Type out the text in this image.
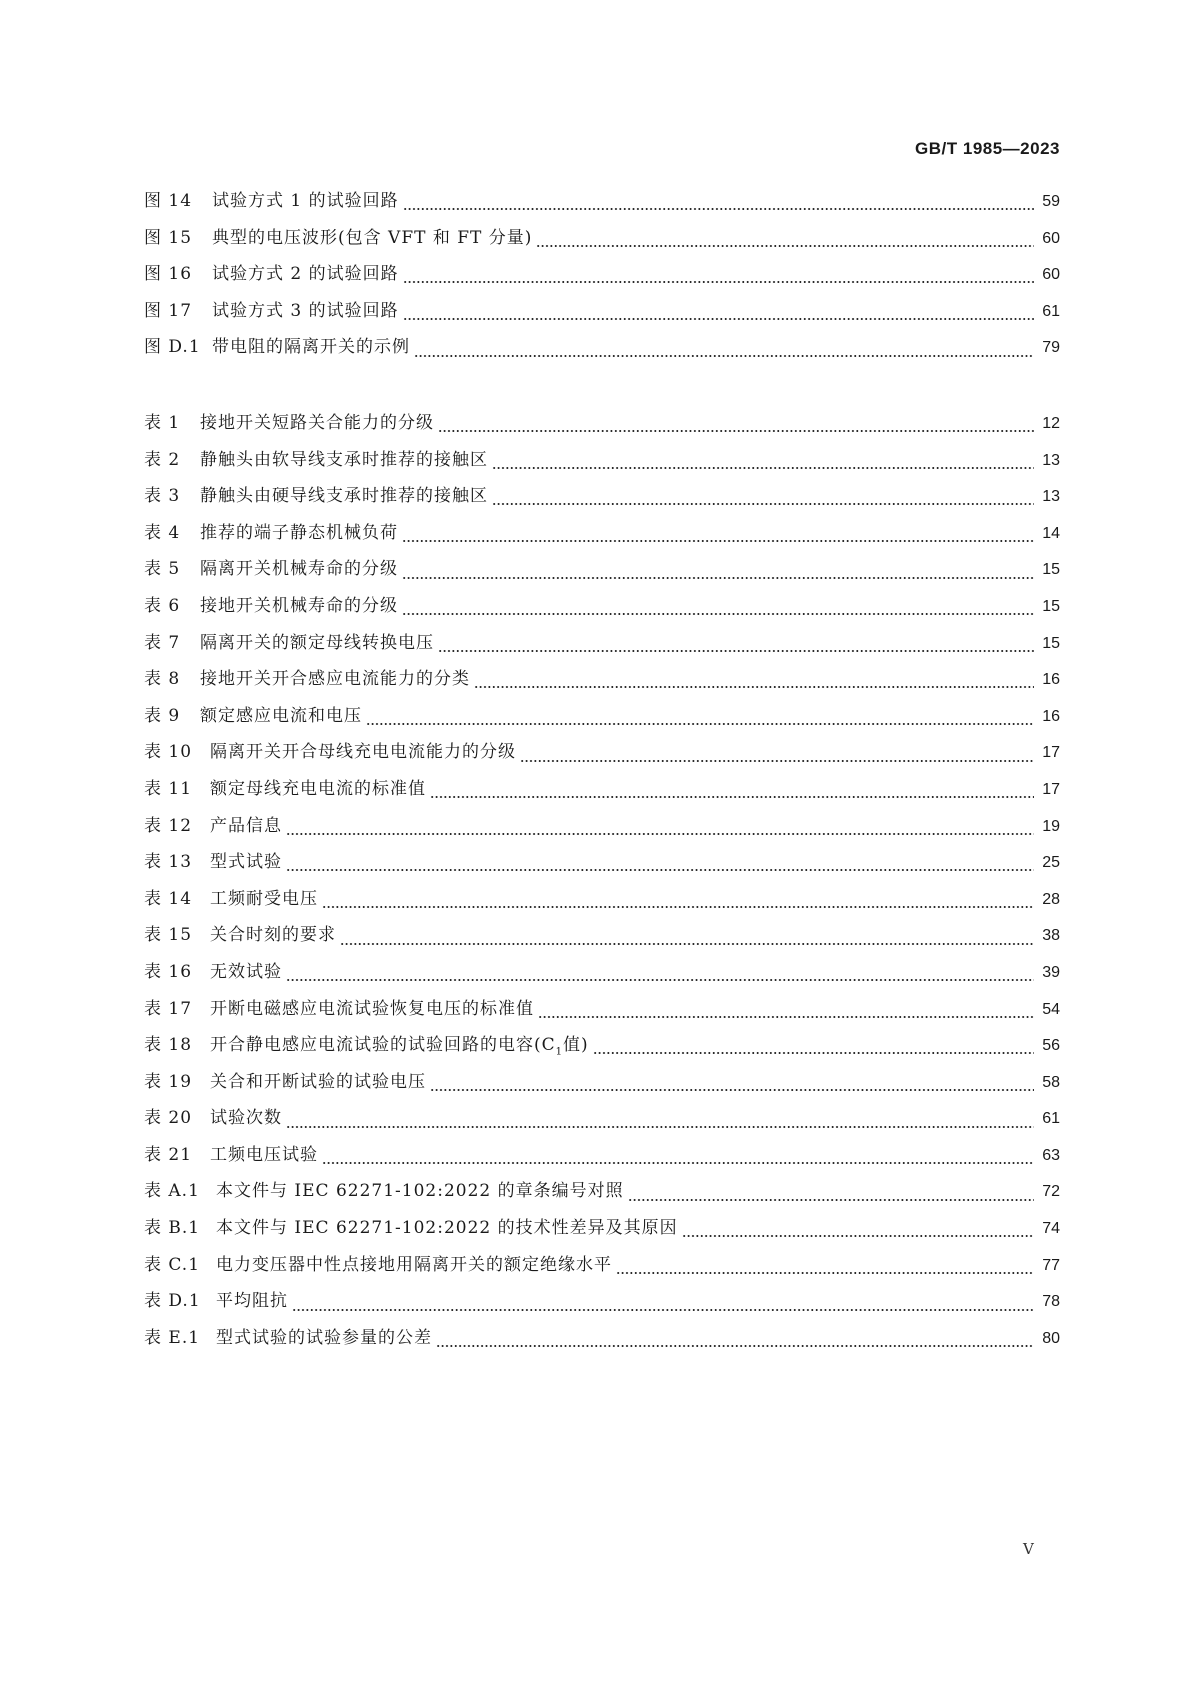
GB/T 1985—2023
图 14	试验方式 1 的试验回路	59
图 15	典型的电压波形(包含 VFT 和 FT 分量)	60
图 16	试验方式 2 的试验回路	60
图 17	试验方式 3 的试验回路	61
图 D.1 带电阻的隔离开关的示例	79
表 1	接地开关短路关合能力的分级	12
表 2	静触头由软导线支承时推荐的接触区	13
表 3	静触头由硬导线支承时推荐的接触区	13
表 4	推荐的端子静态机械负荷	14
表 5	隔离开关机械寿命的分级	15
表 6	接地开关机械寿命的分级	15
表 7	隔离开关的额定母线转换电压	15
表 8	接地开关开合感应电流能力的分类	16
表 9	额定感应电流和电压	16
表 10	隔离开关开合母线充电电流能力的分级	17
表 11	额定母线充电电流的标准值	17
表 12	产品信息	19
表 13	型式试验	25
表 14	工频耐受电压	28
表 15	关合时刻的要求	38
表 16	无效试验	39
表 17	开断电磁感应电流试验恢复电压的标准值	54
表 18	开合静电感应电流试验的试验回路的电容($C_1$值)	56
表 19	关合和开断试验的试验电压	58
表 20	试验次数	61
表 21	工频电压试验	63
表 A.1 本文件与 IEC 62271-102:2022 的章条编号对照	72
表 B.1 本文件与 IEC 62271-102:2022 的技术性差异及其原因	74
表 C.1 电力变压器中性点接地用隔离开关的额定绝缘水平	77
表 D.1 平均阻抗	78
表 E.1 型式试验的试验参量的公差	80
V
